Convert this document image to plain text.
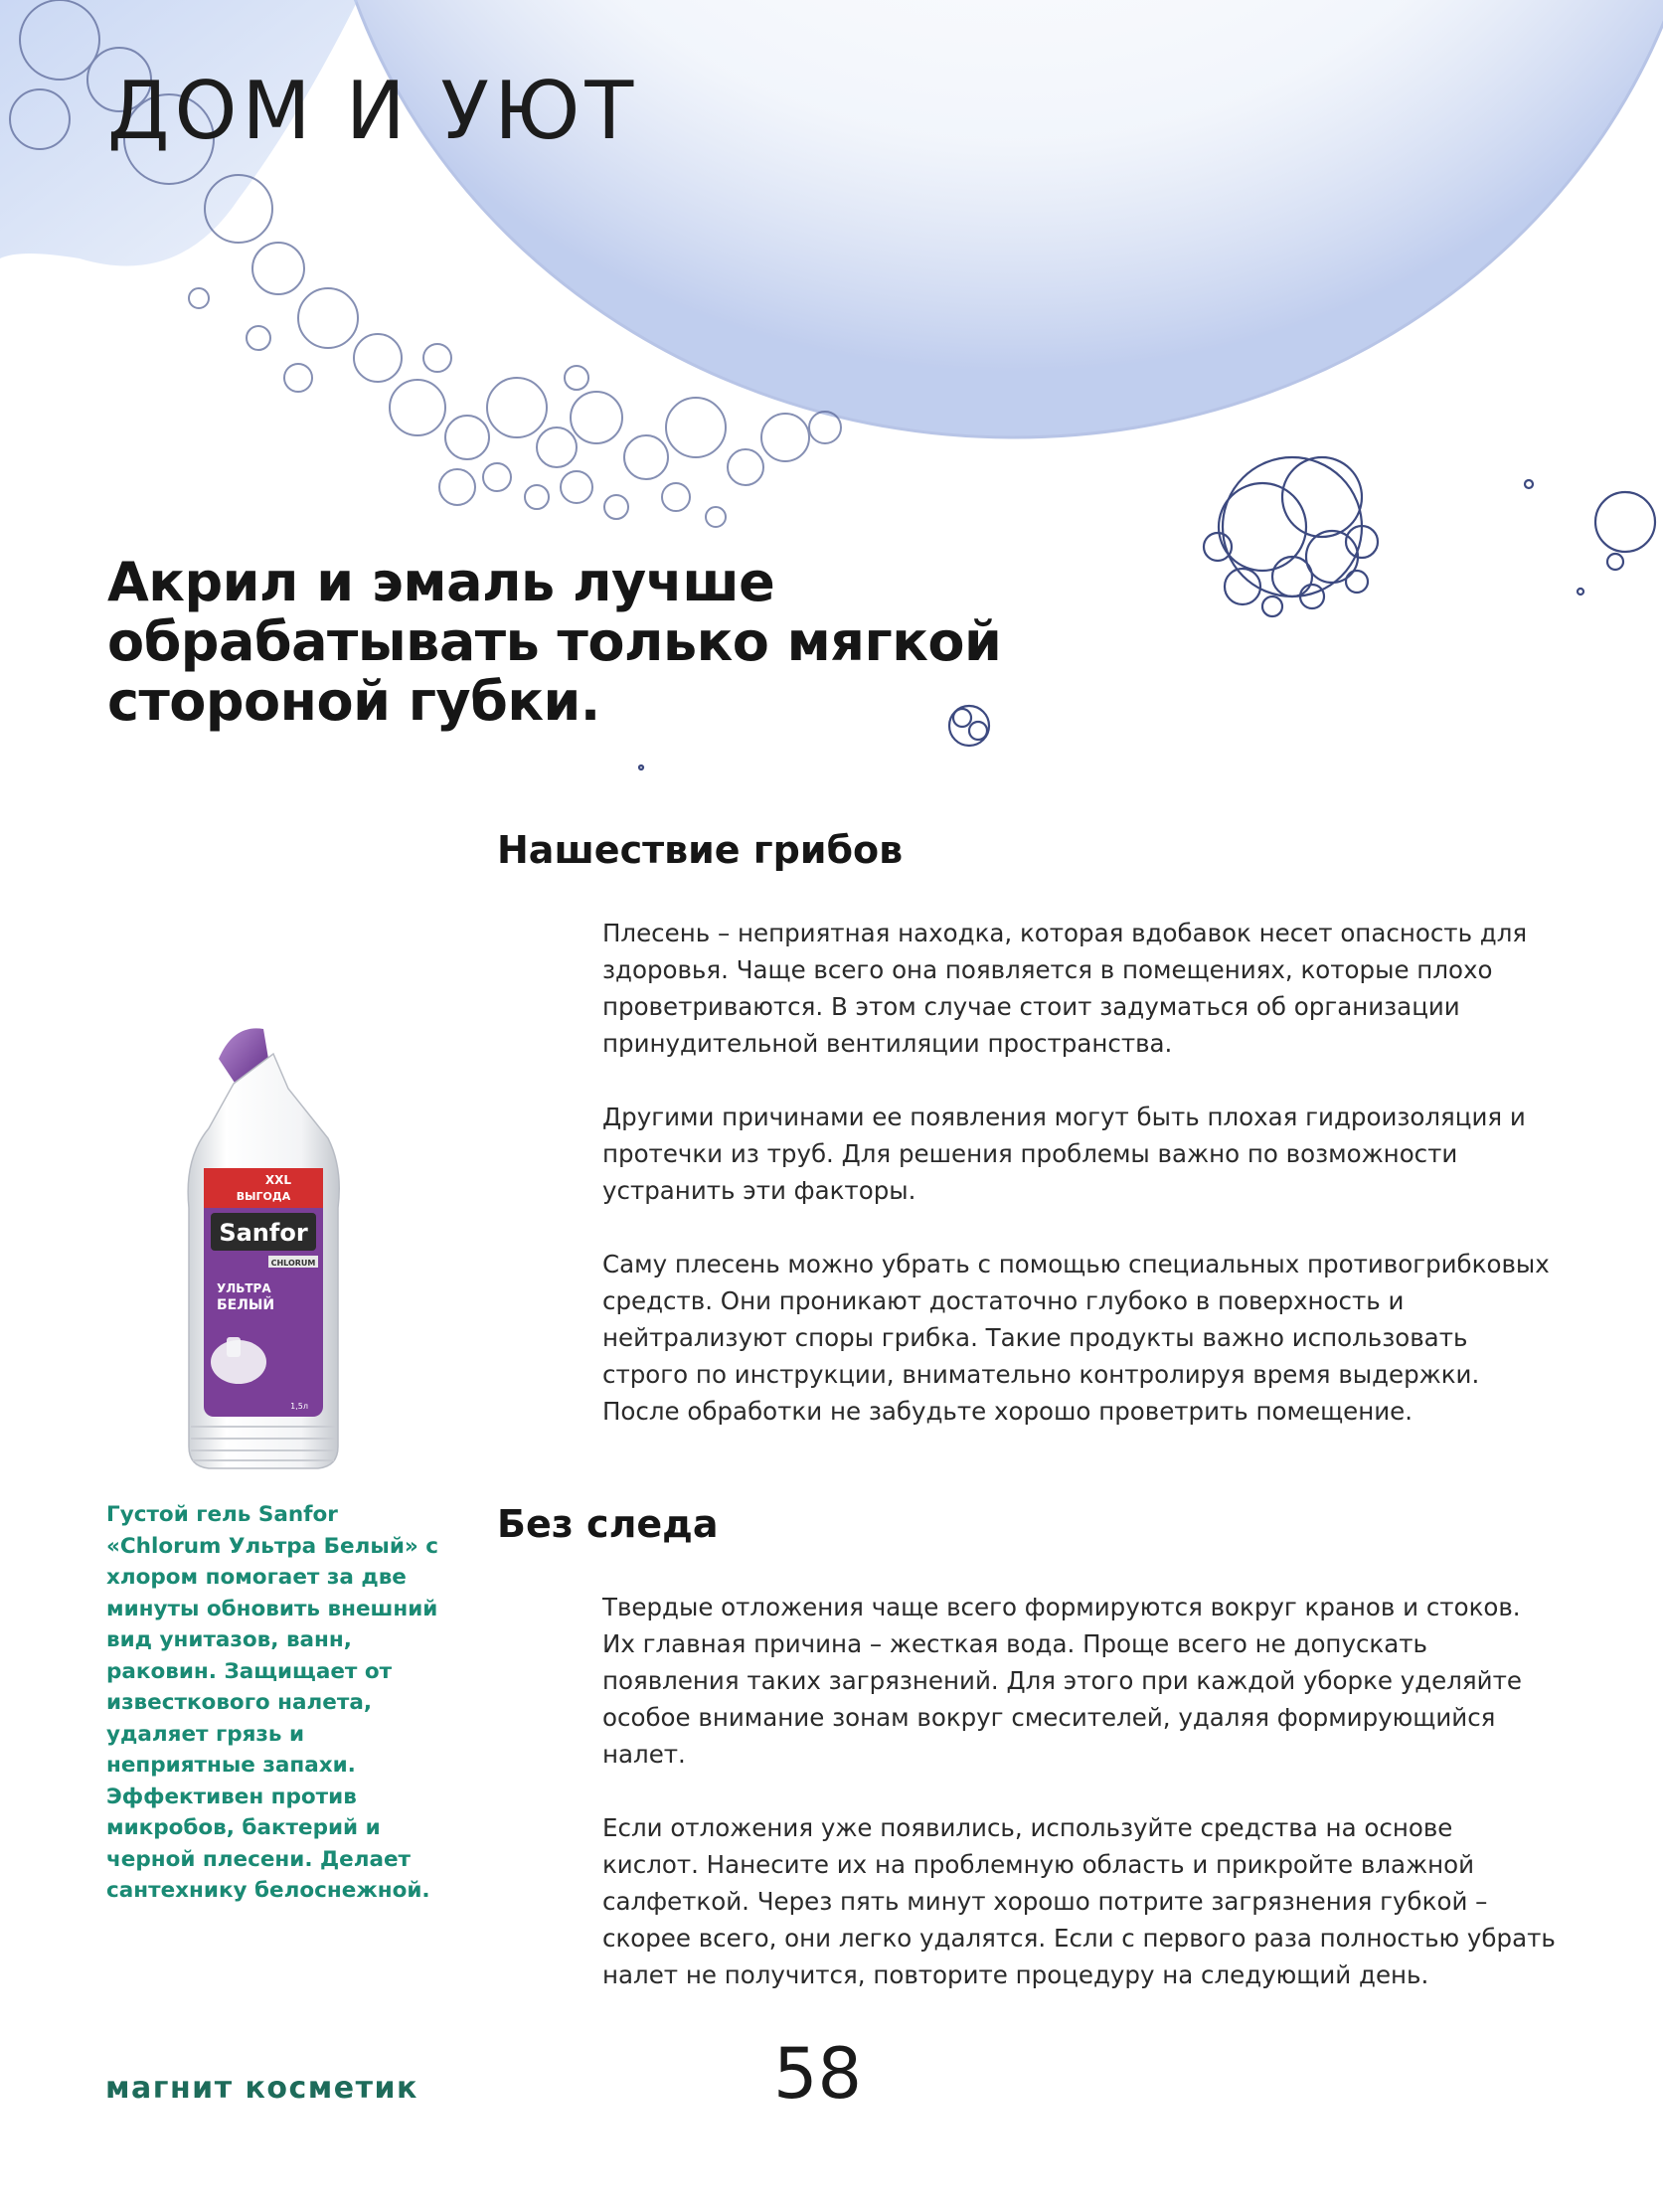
ДОМ И УЮТ
Акрил и эмаль лучше обрабатывать только мягкой стороной губки.
Нашествие грибов

Плесень – неприятная находка, которая вдобавок несет опасность для здоровья. Чаще всего она появляется в помещениях, которые плохо проветриваются. В этом случае стоит задуматься об организации принудительной вентиляции пространства.

Другими причинами ее появления могут быть плохая гидроизоляция и протечки из труб. Для решения проблемы важно по возможности устранить эти факторы.

Саму плесень можно убрать с помощью специальных противогрибковых средств. Они проникают достаточно глубоко в поверхность и нейтрализуют споры грибка. Такие продукты важно использовать строго по инструкции, внимательно контролируя время выдержки. После обработки не забудьте хорошо проветрить помещение.

Без следа

Твердые отложения чаще всего формируются вокруг кранов и стоков. Их главная причина – жесткая вода. Проще всего не допускать появления таких загрязнений. Для этого при каждой уборке уделяйте особое внимание зонам вокруг смесителей, удаляя формирующийся налет.

Если отложения уже появились, используйте средства на основе кислот. Нанесите их на проблемную область и прикройте влажной салфеткой. Через пять минут хорошо потрите загрязнения губкой – скорее всего, они легко удалятся. Если с первого раза полностью убрать налет не получится, повторите процедуру на следующий день.

XXL
ВЫГОДА
Sanfor
CHLORUM
УЛЬТРА
БЕЛЫЙ
1,5л

Густой гель Sanfor «Chlorum Ультра Белый» с хлором помогает за две минуты обновить внешний вид унитазов, ванн, раковин. Защищает от известкового налета, удаляет грязь и неприятные запахи. Эффективен против микробов, бактерий и черной плесени. Делает сантехнику белоснежной.

магнит косметик	58
